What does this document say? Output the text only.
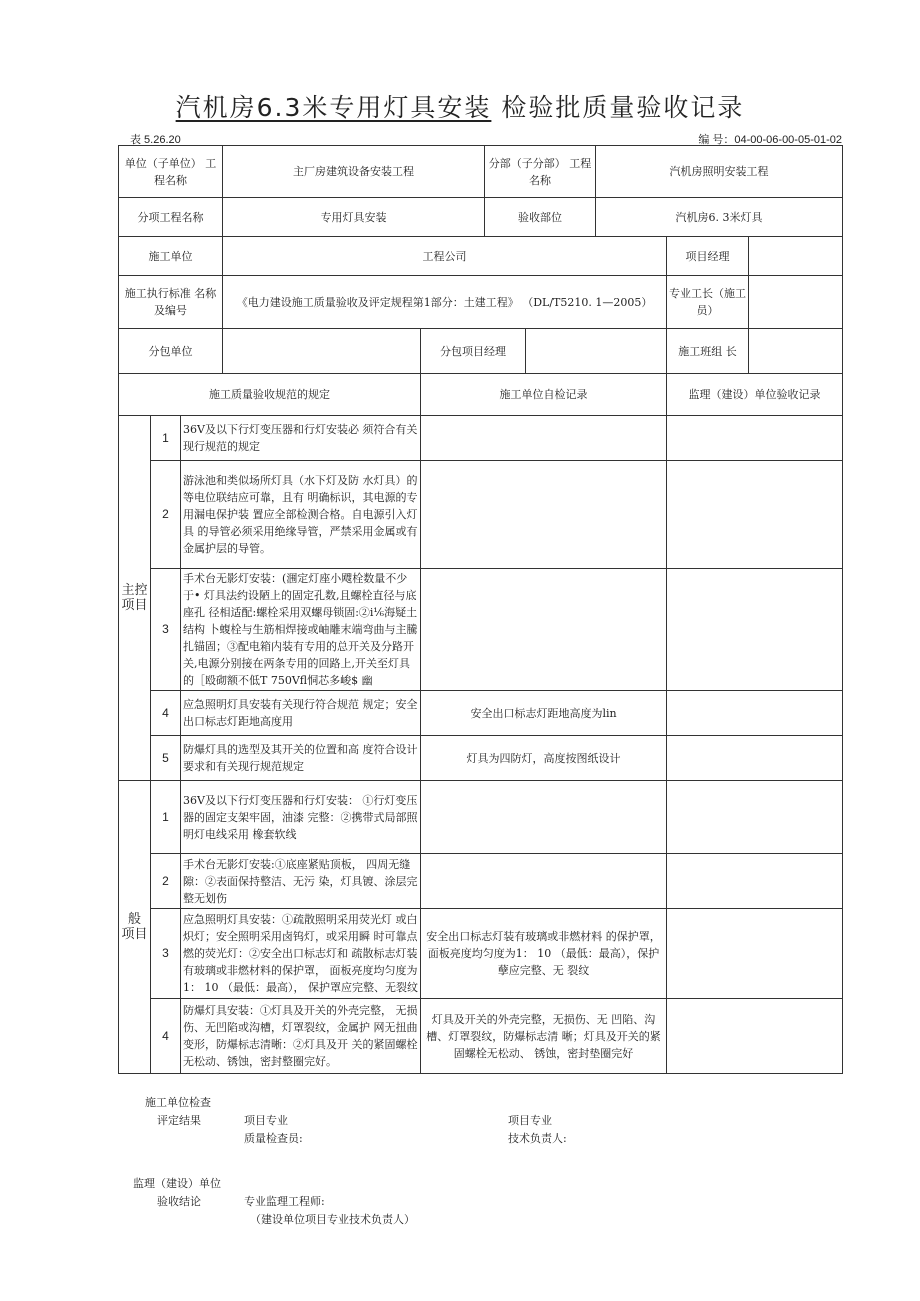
汽机房6.3米专用灯具安装 检验批质量验收记录
表 5.26.20	编 号：04-00-06-00-05-01-02
单位（子单位） 工程名称			主厂房建筑设备安装工程		分部（子分部） 工程名称		汽机房照明安装工程		
分项工程名称			专用灯具安装		验收部位		汽机房6. 3米灯具		
施工单位			工程公司					项目经理	
施工执行标准 名称及编号			《电力建设施工质量验收及评定规程第1部分：土建工程》 （DL/T5210. 1—2005）					专业工长（施工员）	
分包单位				分包项目经理				施工班组 长	
施工质量验收规范的规定				施工单位自检记录				监理（建设）单位验收记录	
主控项目	1	36V及以下行灯变压器和行灯安装必 须符合有关现行规范的规定							
	2	游泳池和类似场所灯具（水下灯及防 水灯具）的等电位联结应可靠，且有 明确标识，其电源的专用漏电保护装 置应全部检测合格。自电源引入灯具 的导管必须采用绝缘导管，严禁采用金属或有金属护层的导管。							
	3	手术台无影灯安装：(涠定灯座小飕栓数量不少于• 灯具法约设陋上的固定孔数,且螺栓直径与底座孔 径相适配:螺栓采用双螺母锁固:②i⅙海疑土结构 卜蝮栓与生筋相焊接或岫雕末端弯曲与主騰 扎锚固；③配电箱内装有专用的总开关及分路开 关,电源分别接在两条专用的回路上,开关至灯具 的［殴砌额不低T 750Vfl恫芯多峻$ 幽							
	4	应急照明灯具安装有关现行符合规范 规定；安全出口标志灯距地高度用		安全出口标志灯距地高度为lin					
	5	防爆灯具的选型及其开关的位置和高 度符合设计要求和有关现行规范规定		灯具为四防灯，高度按图纸设计					
般 项目	1	36V及以下行灯变压器和行灯安装： ①行灯变压器的固定支架牢固，油漆 完整：②携带式局部照明灯电线采用 橡套软线							
	2	手术台无影灯安装:①底座紧贴顶板， 四周无缝隙：②表面保持整洁、无污 染，灯具镀、涂层完整无划伤							
	3	应急照明灯具安装：①疏散照明采用荧光灯 或白炽灯；安全照明采用卤钨灯，或采用瞬 时可靠点燃的荧光灯：②安全出口标志灯和 疏散标志灯装有玻璃或非燃材料的保护罩， 面板亮度均匀度为1： 10 （最低：最高）， 保护罩应完整、无裂纹		安全出口标志灯装有玻璃或非燃材料 的保护罩，面板亮度均匀度为1： 10 （最低：最高），保护孽应完整、无 裂纹					
	4	防爆灯具安装：①灯具及开关的外壳完整， 无损伤、无凹陷或沟槽，灯罩裂纹，金属护 网无扭曲变形，防爆标志清晰：②灯具及开 关的紧固螺栓无松动、锈蚀，密封整圈完好。		灯具及开关的外壳完整，无损伤、无 凹陷、沟槽、灯罩裂纹，防爆标志清 晰；灯具及开关的紧固螺栓无松动、 锈蚀，密封垫圈完好					
施工单位检查
评定结果	项目专业
质量检查员:
项目专业
技术负责人:
监理（建设）单位
验收结论	专业监理工程师:
（建设单位项目专业技术负责人）
